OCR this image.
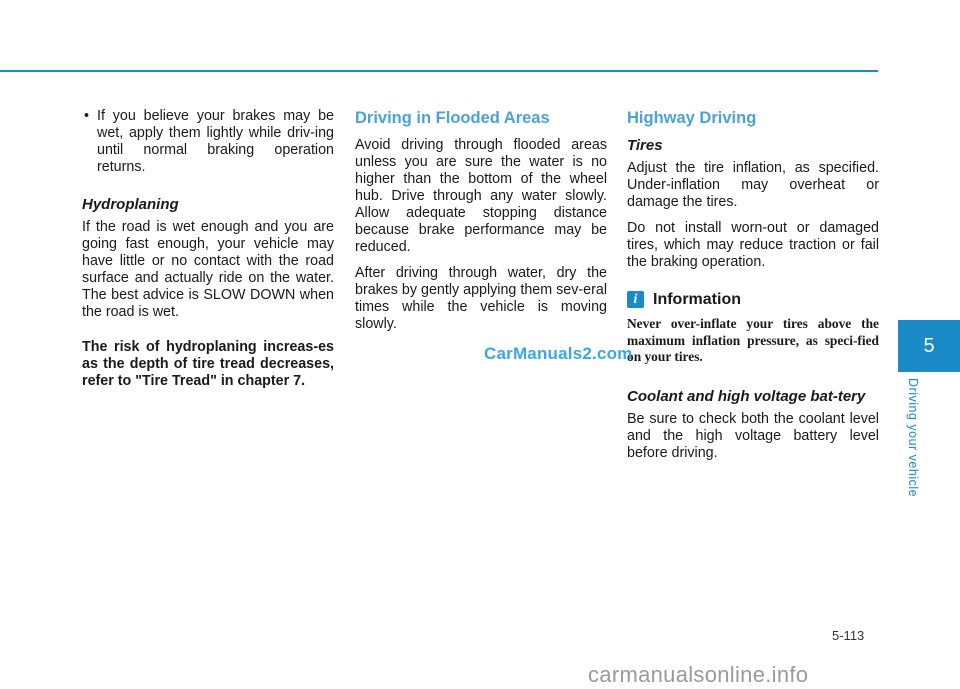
• If you believe your brakes may be wet, apply them lightly while driv-ing until normal braking operation returns.

Hydroplaning

If the road is wet enough and you are going fast enough, your vehicle may have little or no contact with the road surface and actually ride on the water. The best advice is SLOW DOWN when the road is wet.

The risk of hydroplaning increas-es as the depth of tire tread decreases, refer to "Tire Tread" in chapter 7.

Driving in Flooded Areas

Avoid driving through flooded areas unless you are sure the water is no higher than the bottom of the wheel hub. Drive through any water slowly. Allow adequate stopping distance because brake performance may be reduced.

After driving through water, dry the brakes by gently applying them sev-eral times while the vehicle is moving slowly.

Highway Driving
Tires

Adjust the tire inflation, as specified. Under-inflation may overheat or damage the tires.

Do not install worn-out or damaged tires, which may reduce traction or fail the braking operation.

i Information

Never over-inflate your tires above the maximum inflation pressure, as speci-fied on your tires.

Coolant and high voltage bat-tery

Be sure to check both the coolant level and the high voltage battery level before driving.

CarManuals2.com	5
Driving your vehicle
5-113
carmanualsonline.info
